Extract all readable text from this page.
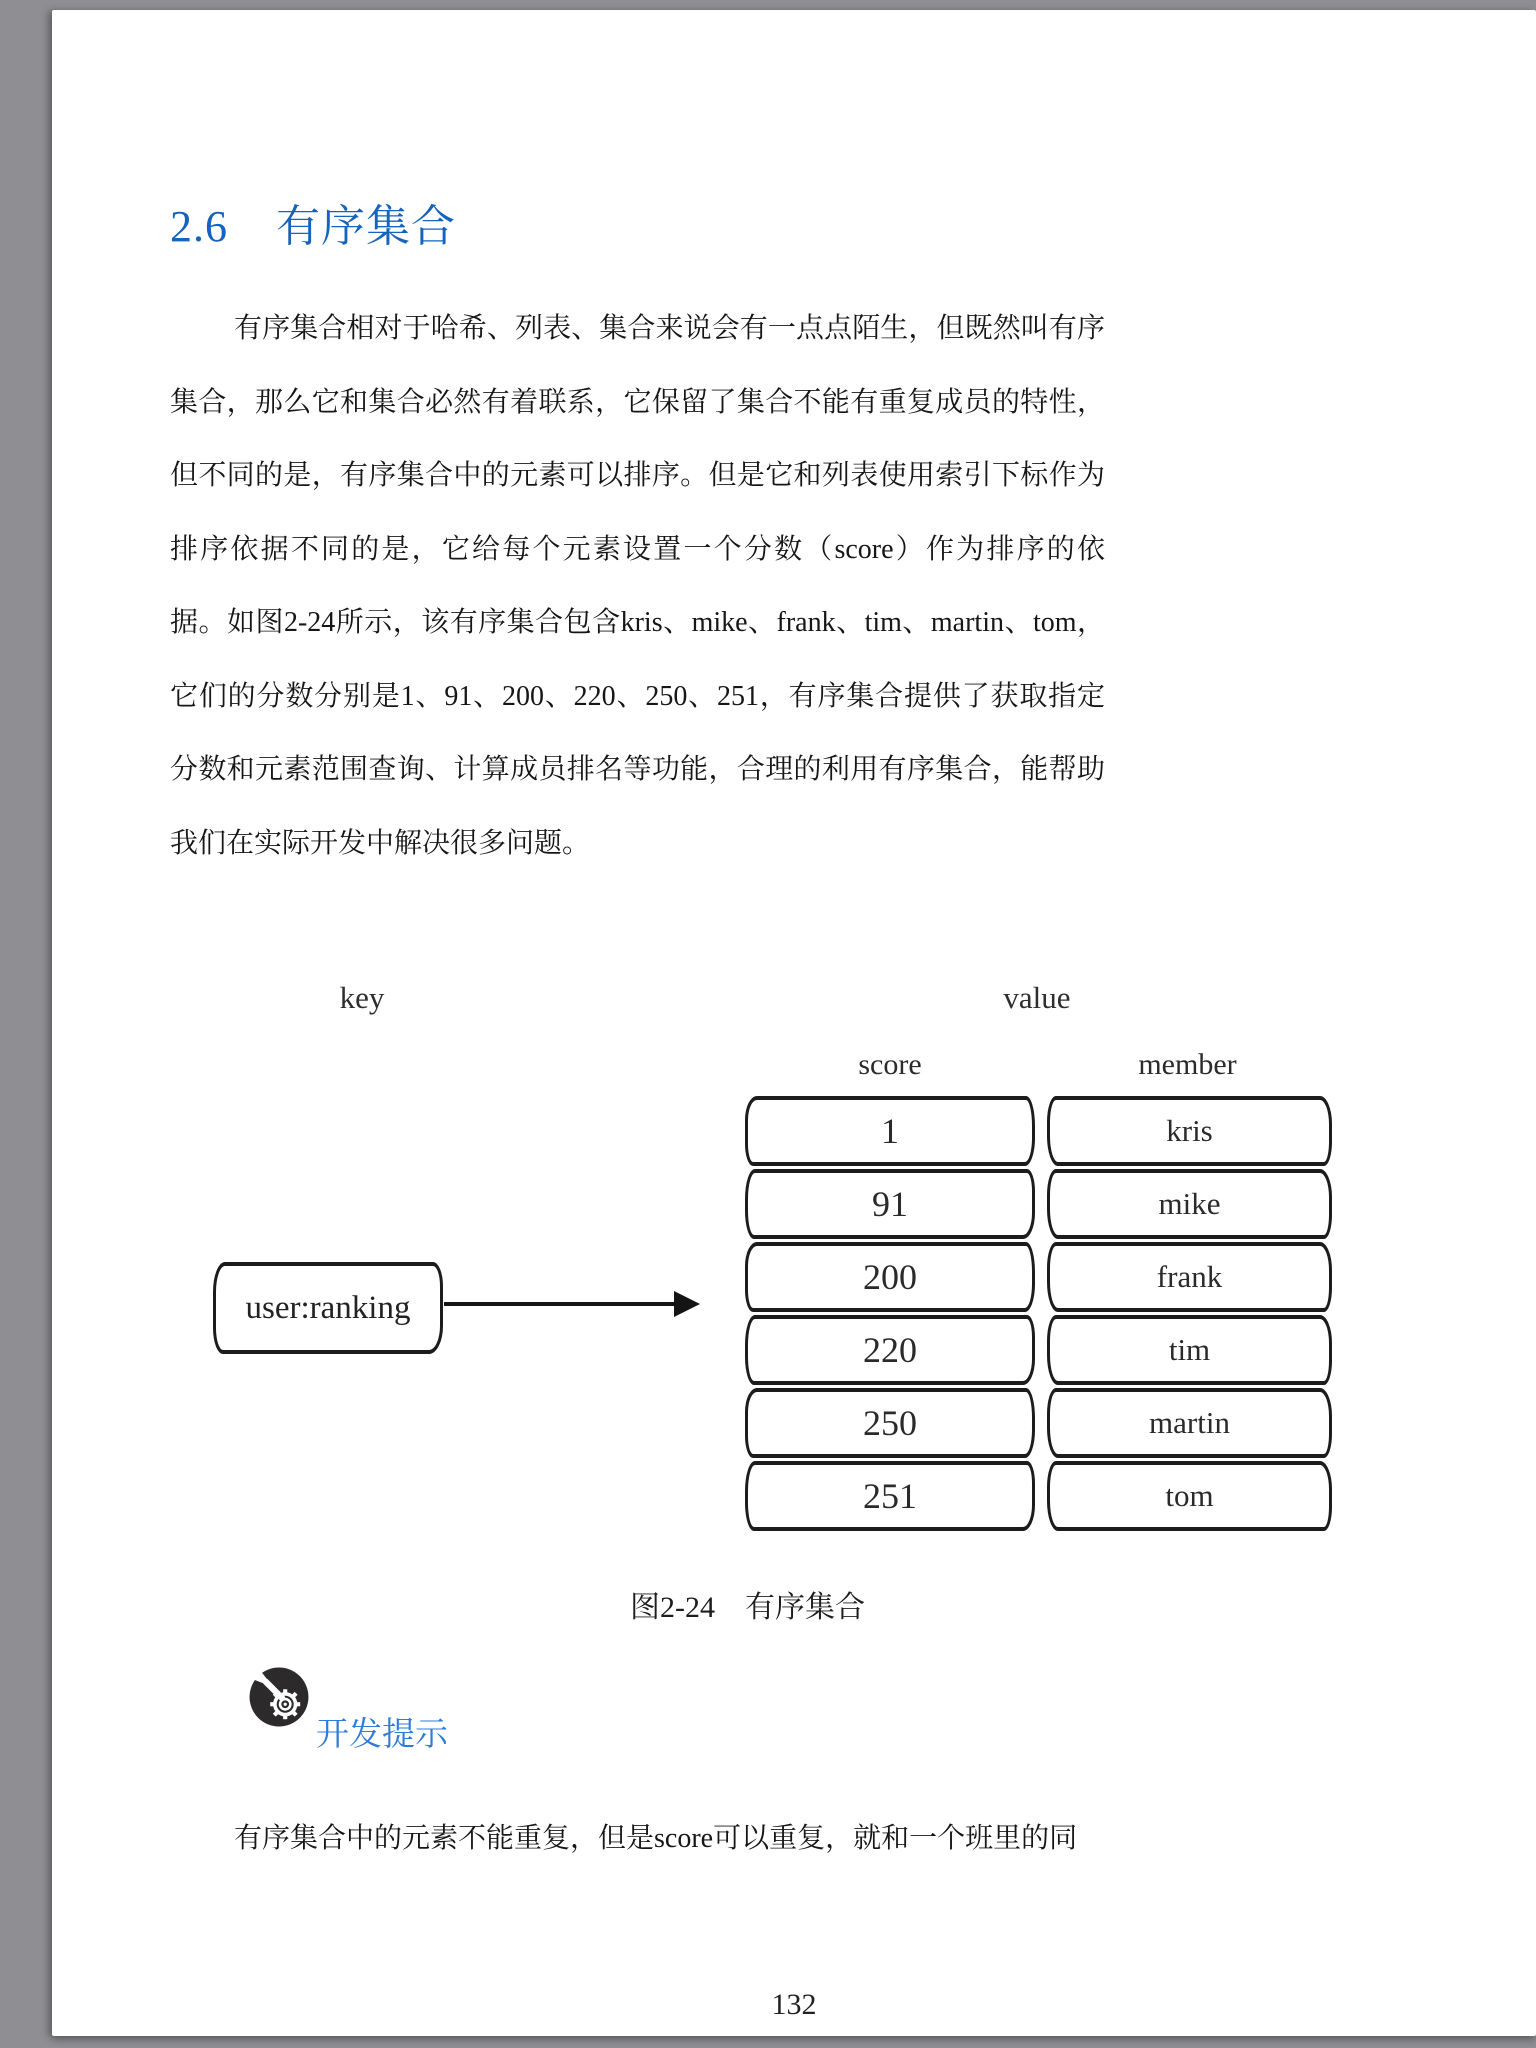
2.6 有序集合
有序集合相对于哈希、列表、集合来说会有一点点陌生，但既然叫有序
集合，那么它和集合必然有着联系，它保留了集合不能有重复成员的特性，
但不同的是，有序集合中的元素可以排序。但是它和列表使用索引下标作为
排序依据不同的是，它给每个元素设置一个分数（score）作为排序的依
据。如图2-24所示，该有序集合包含kris、mike、frank、tim、martin、tom，
它们的分数分别是1、91、200、220、250、251，有序集合提供了获取指定
分数和元素范围查询、计算成员排名等功能，合理的利用有序集合，能帮助
我们在实际开发中解决很多问题。
key	value
score	member
user:ranking
1	kris
91	mike
200	frank
220	tim
250	martin
251	tom
图2-24　有序集合
开发提示
有序集合中的元素不能重复，但是score可以重复，就和一个班里的同
132
